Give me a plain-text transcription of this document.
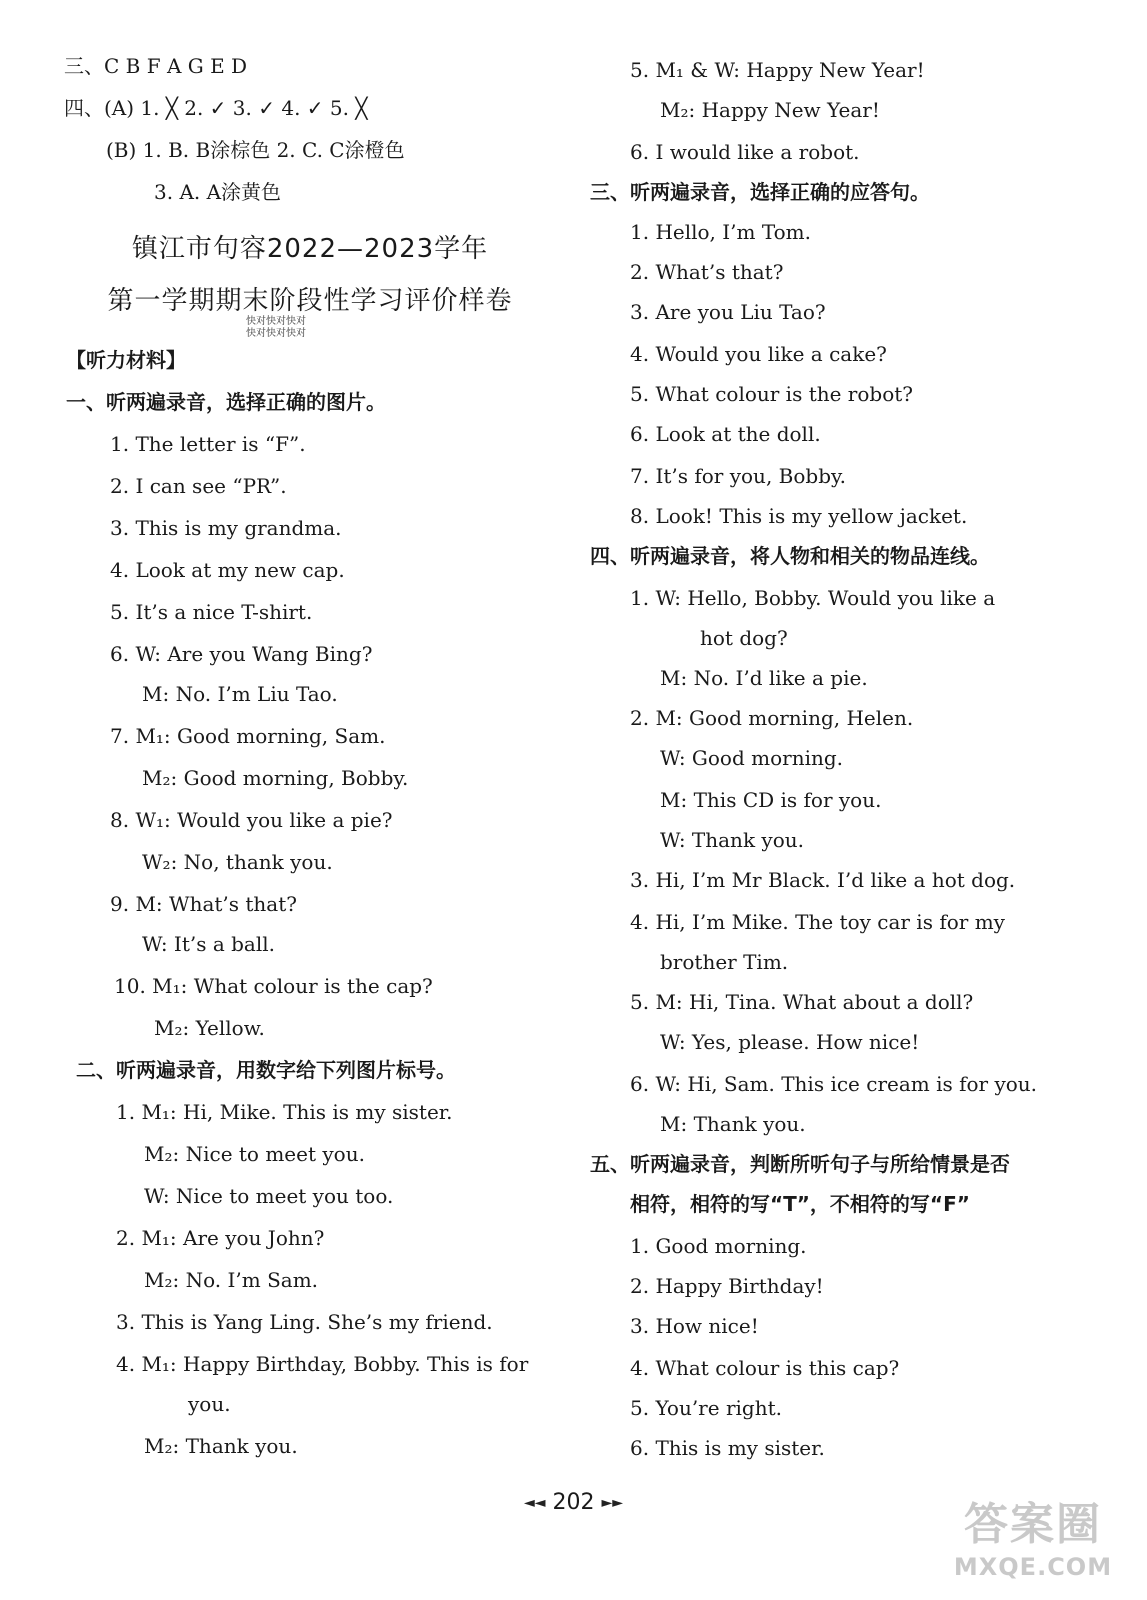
三、C B F A G E D
四、(A) 1. ╳ 2. ✓ 3. ✓ 4. ✓ 5. ╳
(B) 1. B. B涂棕色 2. C. C涂橙色
3. A. A涂黄色
镇江市句容2022—2023学年
第一学期期末阶段性学习评价样卷
快对快对快对
快对快对快对
【听力材料】
一、听两遍录音，选择正确的图片。
1. The letter is “F”.
2. I can see “PR”.
3. This is my grandma.
4. Look at my new cap.
5. It’s a nice T-shirt.
6. W: Are you Wang Bing?
M: No. I’m Liu Tao.
7. M₁: Good morning, Sam.
M₂: Good morning, Bobby.
8. W₁: Would you like a pie?
W₂: No, thank you.
9. M: What’s that?
W: It’s a ball.
10. M₁: What colour is the cap?
M₂: Yellow.
二、听两遍录音，用数字给下列图片标号。
1. M₁: Hi, Mike. This is my sister.
M₂: Nice to meet you.
W: Nice to meet you too.
2. M₁: Are you John?
M₂: No. I’m Sam.
3. This is Yang Ling. She’s my friend.
4. M₁: Happy Birthday, Bobby. This is for
you.
M₂: Thank you.
5. M₁ & W: Happy New Year!
M₂: Happy New Year!
6. I would like a robot.
三、听两遍录音，选择正确的应答句。
1. Hello, I’m Tom.
2. What’s that?
3. Are you Liu Tao?
4. Would you like a cake?
5. What colour is the robot?
6. Look at the doll.
7. It’s for you, Bobby.
8. Look! This is my yellow jacket.
四、听两遍录音，将人物和相关的物品连线。
1. W: Hello, Bobby. Would you like a
hot dog?
M: No. I’d like a pie.
2. M: Good morning, Helen.
W: Good morning.
M: This CD is for you.
W: Thank you.
3. Hi, I’m Mr Black. I’d like a hot dog.
4. Hi, I’m Mike. The toy car is for my
brother Tim.
5. M: Hi, Tina. What about a doll?
W: Yes, please. How nice!
6. W: Hi, Sam. This ice cream is for you.
M: Thank you.
五、听两遍录音，判断所听句子与所给情景是否
相符，相符的写“T”，不相符的写“F”
1. Good morning.
2. Happy Birthday!
3. How nice!
4. What colour is this cap?
5. You’re right.
6. This is my sister.
◄◄ 202 ►►	答案圈
MXQE.COM
